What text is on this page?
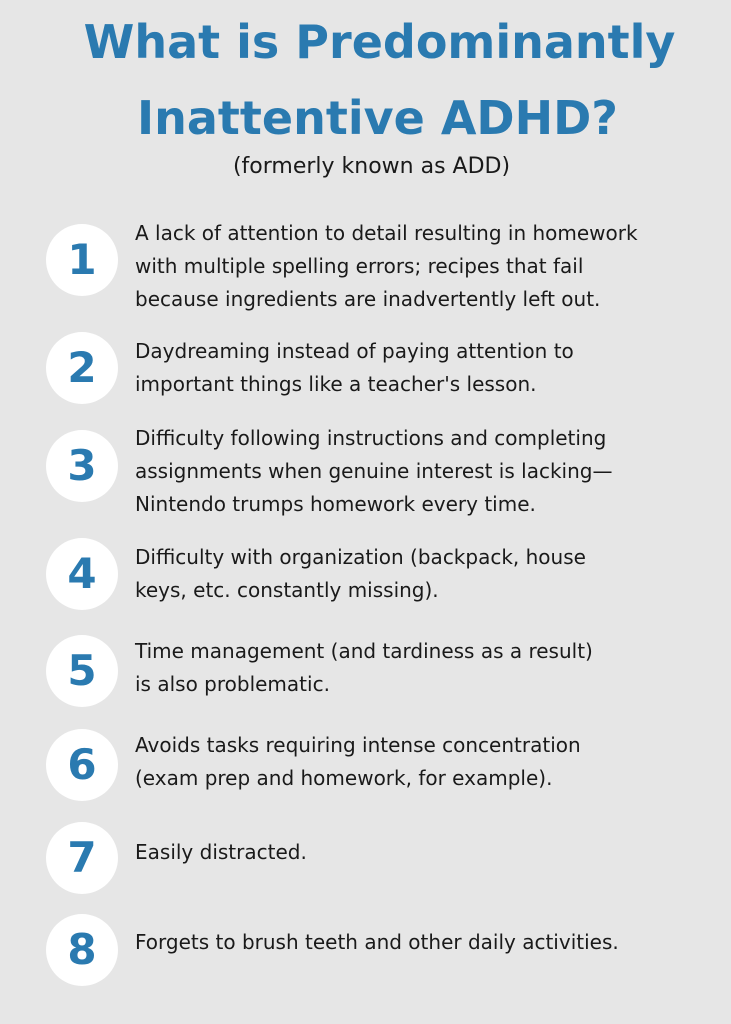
What is Predominantly
Inattentive ADHD?
(formerly known as ADD)
1
A lack of attention to detail resulting in homework
with multiple spelling errors; recipes that fail
because ingredients are inadvertently left out.
2	Daydreaming instead of paying attention to
important things like a teacher's lesson.
3
Difficulty following instructions and completing
assignments when genuine interest is lacking—
Nintendo trumps homework every time.
4	Difficulty with organization (backpack, house
keys, etc. constantly missing).
5	Time management (and tardiness as a result)
is also problematic.
6	Avoids tasks requiring intense concentration
(exam prep and homework, for example).
7	Easily distracted.
8	Forgets to brush teeth and other daily activities.
